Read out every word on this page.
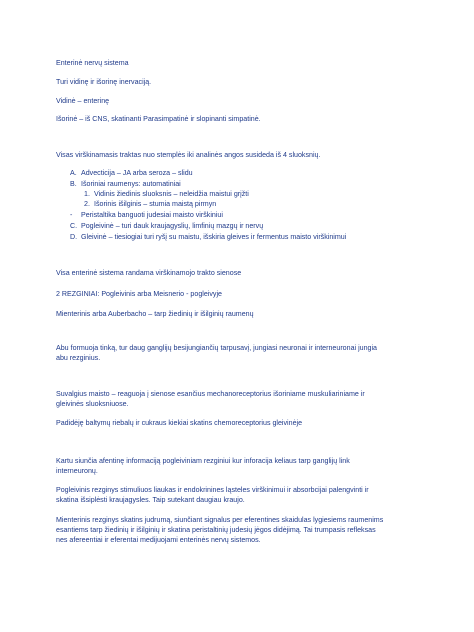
Enterinė nervų sistema
Turi vidinę ir išorinę inervaciją.
Vidinė – enterinę
Išorinė – iš CNS, skatinanti Parasimpatinė ir slopinanti simpatinė.
Visas virškinamasis traktas nuo stemplės iki analinės angos susideda iš 4 sluoksnių.
A. Advecticija – JA arba seroza – slidu
B. Išoriniai raumenys: automatiniai
1. Vidinis žiedinis sluoksnis – neleidžia maistui grįžti
2. Išorinis išilginis – stumia maistą pirmyn
- Peristaltika banguoti judesiai maisto virškiniui
C. Pogleivinė – turi dauk kraujagyslių, limfinių mazgų ir nervų
D. Gleivinė – tiesiogiai turi ryšį su maistu, išskiria gleives ir fermentus maisto virškinimui
Visa enterinė sistema randama virškinamojo trakto sienose
2 REZGINIAI: Pogleivinis arba Meisnerio - pogleivyje
Mienterinis arba Auberbacho – tarp žiedinių ir išilginių raumenų
Abu formuoja tinką, tur daug ganglijų besijungiančių tarpusavį, jungiasi neuronai ir interneuronai jungia
abu rezginius.
Suvalgius maisto – reaguoja į sienose esančius mechanoreceptorius išoriniame muskuliariniame ir
gleivinės sluoksniuose.
Padidėję baltymų riebalų ir cukraus kiekiai skatins chemoreceptorius gleivinėje
Kartu siunčia afentinę informaciją pogleiviniam rezginiui kur inforacija keliaus tarp ganglijų link
interneuronų.
Pogleivinis rezginys stimuliuos liaukas ir endokrinines ląsteles virškinimui ir absorbcijai palengvinti ir
skatina išsiplėsti kraujagysles. Taip sutekant daugiau kraujo.
Mienterinis rezginys skatins judrumą, siunčiant signalus per eferentines skaidulas lygiesiems raumenims
esantiems tarp žiedinių ir išilginių ir skatina peristaltinių judesių jėgos didėjimą. Tai trumpasis refleksas
nes afereentiai ir eferentai medijuojami enterinės nervų sistemos.
